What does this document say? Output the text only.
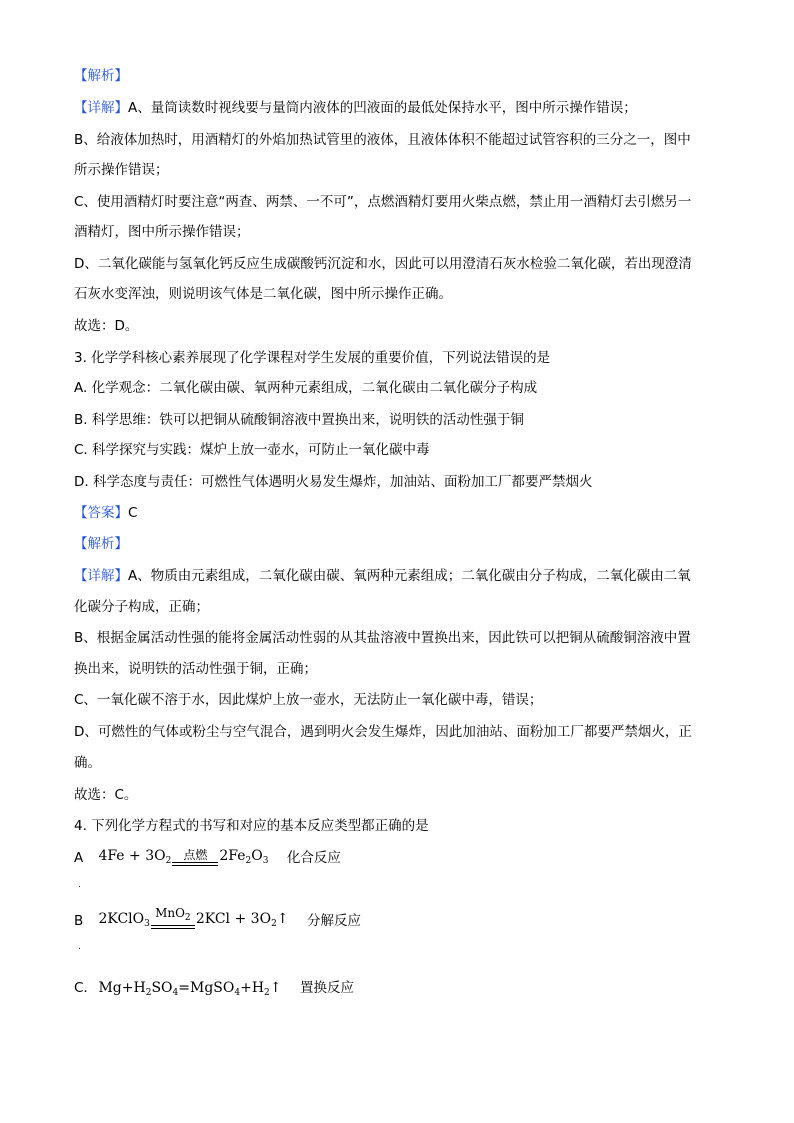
【解析】
【详解】A、量筒读数时视线要与量筒内液体的凹液面的最低处保持水平，图中所示操作错误；
B、给液体加热时，用酒精灯的外焰加热试管里的液体，且液体体积不能超过试管容积的三分之一，图中
所示操作错误；
C、使用酒精灯时要注意“两查、两禁、一不可”，点燃酒精灯要用火柴点燃，禁止用一酒精灯去引燃另一
酒精灯，图中所示操作错误；
D、二氧化碳能与氢氧化钙反应生成碳酸钙沉淀和水，因此可以用澄清石灰水检验二氧化碳，若出现澄清
石灰水变浑浊，则说明该气体是二氧化碳，图中所示操作正确。
故选：D。
3. 化学学科核心素养展现了化学课程对学生发展的重要价值，下列说法错误的是
A. 化学观念：二氧化碳由碳、氧两种元素组成，二氧化碳由二氧化碳分子构成
B. 科学思维：铁可以把铜从硫酸铜溶液中置换出来，说明铁的活动性强于铜
C. 科学探究与实践：煤炉上放一壶水，可防止一氧化碳中毒
D. 科学态度与责任：可燃性气体遇明火易发生爆炸，加油站、面粉加工厂都要严禁烟火
【答案】C
【解析】
【详解】A、物质由元素组成，二氧化碳由碳、氧两种元素组成；二氧化碳由分子构成，二氧化碳由二氧
化碳分子构成，正确；
B、根据金属活动性强的能将金属活动性弱的从其盐溶液中置换出来，因此铁可以把铜从硫酸铜溶液中置
换出来，说明铁的活动性强于铜，正确；
C、一氧化碳不溶于水，因此煤炉上放一壶水，无法防止一氧化碳中毒，错误；
D、可燃性的气体或粉尘与空气混合，遇到明火会发生爆炸，因此加油站、面粉加工厂都要严禁烟火，正
确。
故选：C。
4. 下列化学方程式的书写和对应的基本反应类型都正确的是
A $4Fe + 3O_2$ 点燃 $2Fe_2O_3$ 化合反应
.
B 2KClO$_3$
MnO$_2$ $2KCl + 3O_2↑$ 分解反应
.
C. $Mg+H_2SO_4=MgSO_4+H_2↑$ 置换反应
